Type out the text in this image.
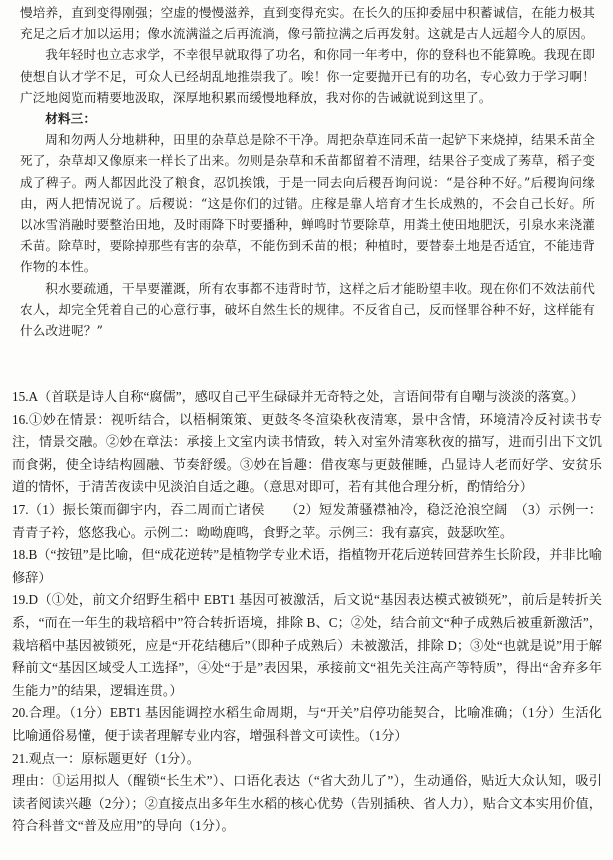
慢培养，直到变得刚强；空虚的慢慢滋养，直到变得充实。在长久的压抑委屈中积蓄诚信，在能力极其充足之后才加以运用；像水流满溢之后再流淌，像弓箭拉满之后再发射。这就是古人远超今人的原因。

我年轻时也立志求学，不幸很早就取得了功名，和你同一年考中，你的登科也不能算晚。我现在即使想自认才学不足，可众人已经胡乱地推崇我了。唉！你一定要抛开已有的功名，专心致力于学习啊！广泛地阅览而精要地汲取，深厚地积累而缓慢地释放，我对你的告诫就说到这里了。

材料三：

周和勿两人分地耕种，田里的杂草总是除不干净。周把杂草连同禾苗一起铲下来烧掉，结果禾苗全死了，杂草却又像原来一样长了出来。勿则是杂草和禾苗都留着不清理，结果谷子变成了莠草，稻子变成了稗子。两人都因此没了粮食，忍饥挨饿，于是一同去向后稷吾询问说：“是谷种不好。”后稷询问缘由，两人把情况说了。后稷说：“这是你们的过错。庄稼是靠人培育才生长成熟的，不会自己长好。所以冰雪消融时要整治田地，及时雨降下时要播种，蝉鸣时节要除草，用粪土使田地肥沃，引泉水来浇灌禾苗。除草时，要除掉那些有害的杂草，不能伤到禾苗的根；种植时，要替泰土地是否适宜，不能违背作物的本性。

积水要疏通，干旱要灌溉，所有农事都不违背时节，这样之后才能盼望丰收。现在你们不效法前代农人，却完全凭着自己的心意行事，破坏自然生长的规律。不反省自己，反而怪罪谷种不好，这样能有什么改进呢？”

15.A（首联是诗人自称“腐儒”，感叹自己平生碌碌并无奇特之处，言语间带有自嘲与淡淡的落寞。）

16.①妙在情景：视听结合，以梧桐策策、更鼓冬冬渲染秋夜清寒，景中含情，环境清冷反衬读书专注，情景交融。②妙在章法：承接上文室内读书情致，转入对室外清寒秋夜的描写，进而引出下文饥而食粥，使全诗结构圆融、节奏舒缓。③妙在旨趣：借夜寒与更鼓催睡，凸显诗人老而好学、安贫乐道的情怀，于清苦夜读中见淡泊自适之趣。（意思对即可，若有其他合理分析，酌情给分）

17.（1）振长策而御宇内，吞二周而亡诸侯　　（2）短发萧骚襟袖冷，稳泛沧浪空阔　（3）示例一：青青子衿，悠悠我心。示例二：呦呦鹿鸣，食野之苹。示例三：我有嘉宾，鼓瑟吹笙。

18.B（“按钮”是比喻，但“成花逆转”是植物学专业术语，指植物开花后逆转回营养生长阶段，并非比喻修辞）

19.D（①处，前文介绍野生稻中 EBT1 基因可被激活，后文说“基因表达模式被锁死”，前后是转折关系，“而在一年生的栽培稻中”符合转折语境，排除 B、C；②处，结合前文“种子成熟后被重新激活”，栽培稻中基因被锁死，应是“开花结穗后”（即种子成熟后）未被激活，排除 D；③处“也就是说”用于解释前文“基因区域受人工选择”，④处“于是”表因果，承接前文“祖先关注高产等特质”，得出“舍弃多年生能力”的结果，逻辑连贯。）

20.合理。（1分）EBT1 基因能调控水稻生命周期，与“开关”启停功能契合，比喻准确；（1分）生活化比喻通俗易懂，便于读者理解专业内容，增强科普文可读性。（1分）

21.观点一：原标题更好（1分）。

理由：①运用拟人（醒锁“长生术”）、口语化表达（“省大劲儿了”），生动通俗，贴近大众认知，吸引读者阅读兴趣（2分）；②直接点出多年生水稻的核心优势（告别插秧、省人力），贴合文本实用价值，符合科普文“普及应用”的导向（1分）。
